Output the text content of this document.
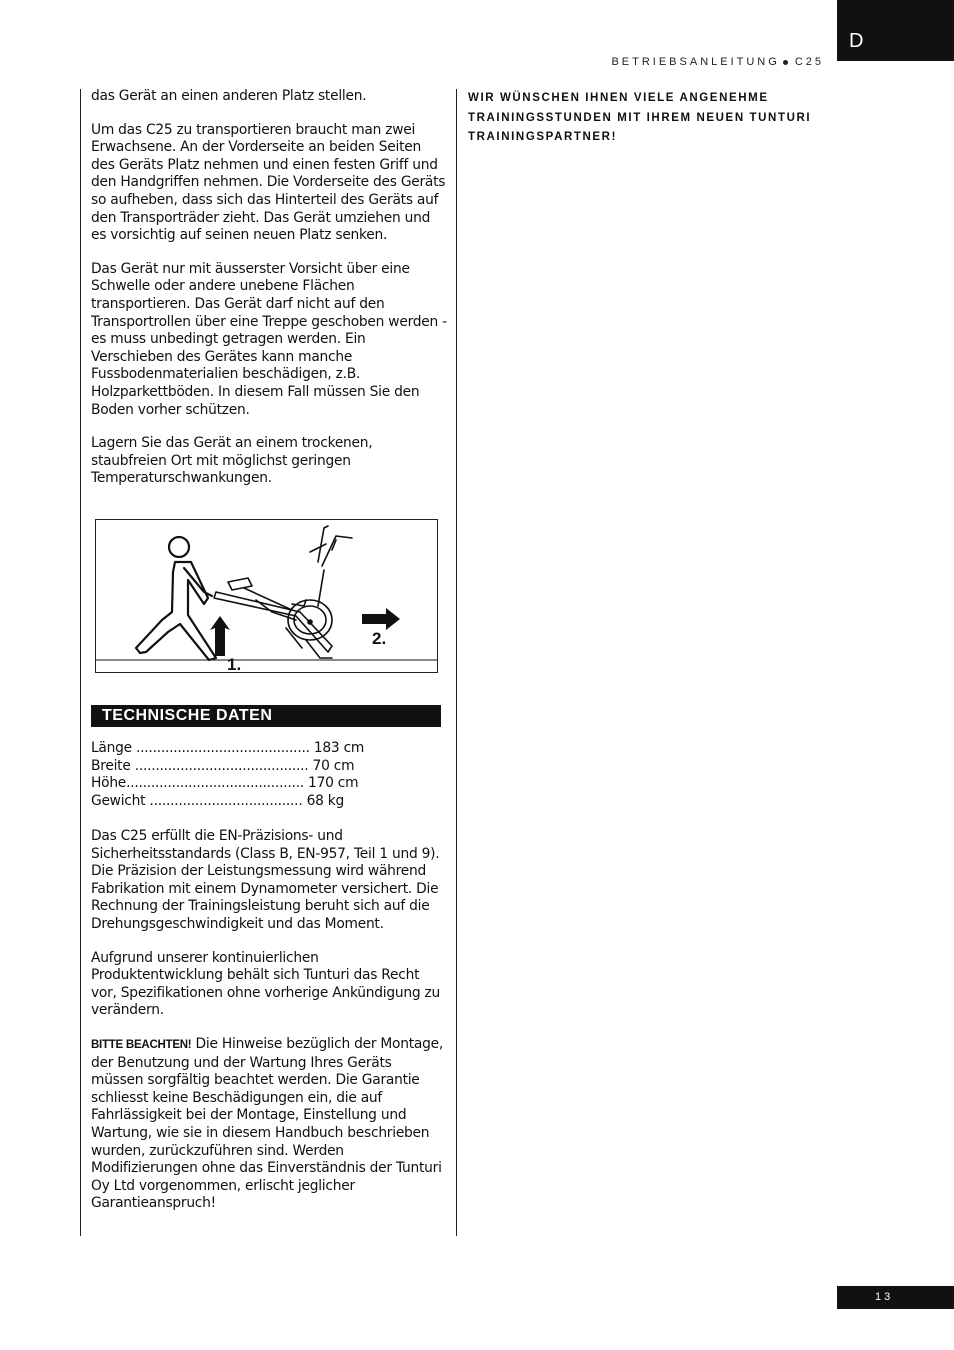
D
BETRIEBSANLEITUNG C25

das Gerät an einen anderen Platz stellen.

Um das C25 zu transportieren braucht man zwei Erwachsene. An der Vorderseite an beiden Seiten des Geräts Platz nehmen und einen festen Griff und den Handgriffen nehmen. Die Vorderseite des Geräts so aufheben, dass sich das Hinterteil des Geräts auf den Transporträder zieht. Das Gerät umziehen und es vorsichtig auf seinen neuen Platz senken.

Das Gerät nur mit äusserster Vorsicht über eine Schwelle oder andere unebene Flächen transportieren. Das Gerät darf nicht auf den Transportrollen über eine Treppe geschoben werden - es muss unbedingt getragen werden. Ein Verschieben des Gerätes kann manche Fussbodenmaterialien beschädigen, z.B. Holzparkettböden. In diesem Fall müssen Sie den Boden vorher schützen.

Lagern Sie das Gerät an einem trockenen, staubfreien Ort mit möglichst geringen Temperaturschwankungen.

2.
1.
TECHNISCHE DATEN
Länge .......................................... 183 cm
Breite .......................................... 70 cm
Höhe........................................... 170 cm
Gewicht ..................................... 68 kg

Das C25 erfüllt die EN-Präzisions- und Sicherheitsstandards (Class B, EN-957, Teil 1 und 9). Die Präzision der Leistungsmessung wird während Fabrikation mit einem Dynamometer versichert. Die Rechnung der Trainingsleistung beruht sich auf die Drehungsgeschwindigkeit und das Moment.

Aufgrund unserer kontinuierlichen Produktentwicklung behält sich Tunturi das Recht vor, Spezifikationen ohne vorherige Ankündigung zu verändern.

BITTE BEACHTEN! Die Hinweise bezüglich der Montage, der Benutzung und der Wartung Ihres Geräts müssen sorgfältig beachtet werden. Die Garantie schliesst keine Beschädigungen ein, die auf Fahrlässigkeit bei der Montage, Einstellung und Wartung, wie sie in diesem Handbuch beschrieben wurden, zurückzuführen sind. Werden Modifizierungen ohne das Einverständnis der Tunturi Oy Ltd vorgenommen, erlischt jeglicher Garantieanspruch!

WIR WÜNSCHEN IHNEN VIELE ANGENEHME TRAININGSSTUNDEN MIT IHREM NEUEN TUNTURI TRAININGSPARTNER!
13
